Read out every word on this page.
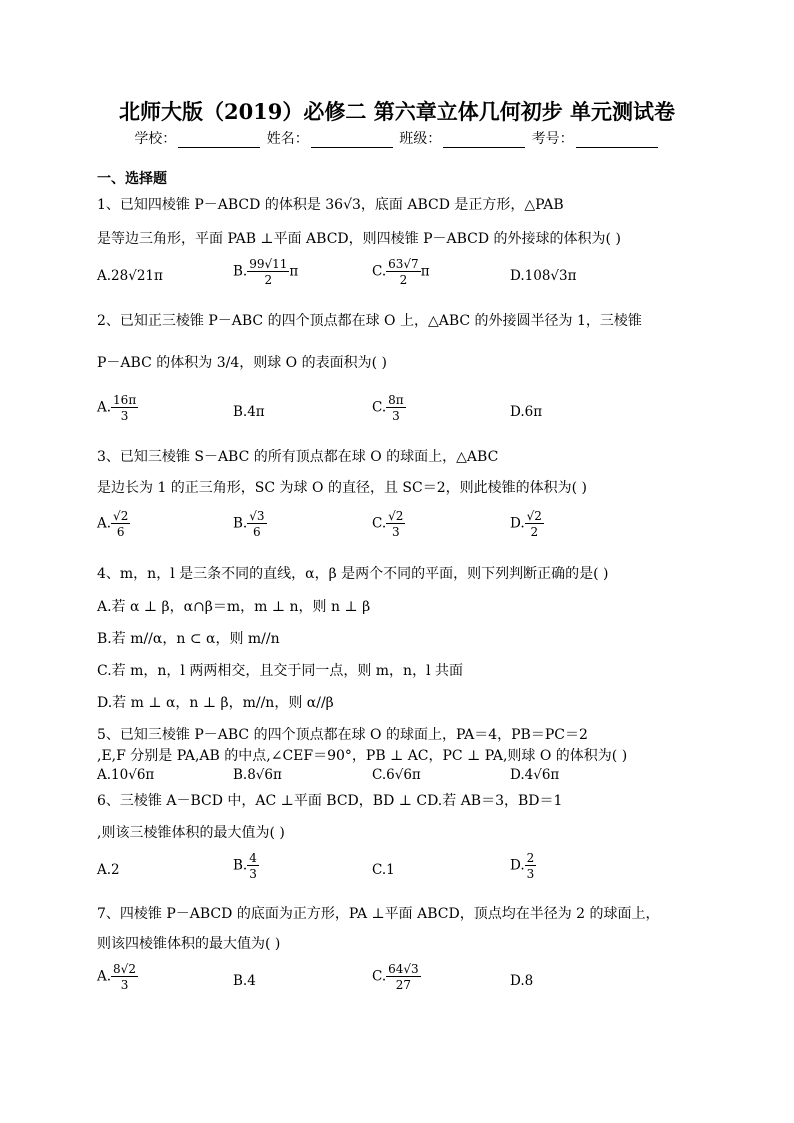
北师大版（2019）必修二 第六章立体几何初步 单元测试卷
学校：	姓名：	班级：	考号：
一、选择题
1、已知四棱锥 P－ABCD 的体积是 36√3，底面 ABCD 是正方形，△PAB
是等边三角形，平面 PAB ⊥平面 ABCD，则四棱锥 P－ABCD 的外接球的体积为( )
A.28√21π	B. $\frac{99√11}{2}$ π	C. $\frac{63√7}{2}$ π	D.108√3π
2、已知正三棱锥 P－ABC 的四个顶点都在球 O 上，△ABC 的外接圆半径为 1，三棱锥
P－ABC 的体积为 3/4，则球 O 的表面积为( )
A. $\frac{16\pi}{3}$	B.4π	C. $\frac{8\pi}{3}$	D.6π
3、已知三棱锥 S－ABC 的所有顶点都在球 O 的球面上，△ABC
是边长为 1 的正三角形，SC 为球 O 的直径，且 SC＝2，则此棱锥的体积为( )
A. $\frac{√2}{6}$	B. $\frac{√3}{6}$	C. $\frac{√2}{3}$	D. $\frac{√2}{2}$
4、m，n，l 是三条不同的直线，α，β 是两个不同的平面，则下列判断正确的是( )
A.若 α ⊥ β，α∩β＝m，m ⊥ n，则 n ⊥ β
B.若 m//α，n ⊂ α，则 m//n
C.若 m，n，l 两两相交，且交于同一点，则 m，n，l 共面
D.若 m ⊥ α，n ⊥ β，m//n，则 α//β
5、已知三棱锥 P－ABC 的四个顶点都在球 O 的球面上，PA＝4，PB＝PC＝2
,E,F 分别是 PA,AB 的中点,∠CEF＝90°，PB ⊥ AC，PC ⊥ PA,则球 O 的体积为( )
A.10√6π	B.8√6π	C.6√6π	D.4√6π
6、三棱锥 A－BCD 中，AC ⊥平面 BCD，BD ⊥ CD.若 AB＝3，BD＝1
,则该三棱锥体积的最大值为( )
A.2	B. $\frac{4}{3}$	C.1	D. $\frac{2}{3}$
7、四棱锥 P－ABCD 的底面为正方形，PA ⊥平面 ABCD，顶点均在半径为 2 的球面上，
则该四棱锥体积的最大值为( )
A. $\frac{8√2}{3}$	B.4	C. $\frac{64√3}{27}$	D.8
